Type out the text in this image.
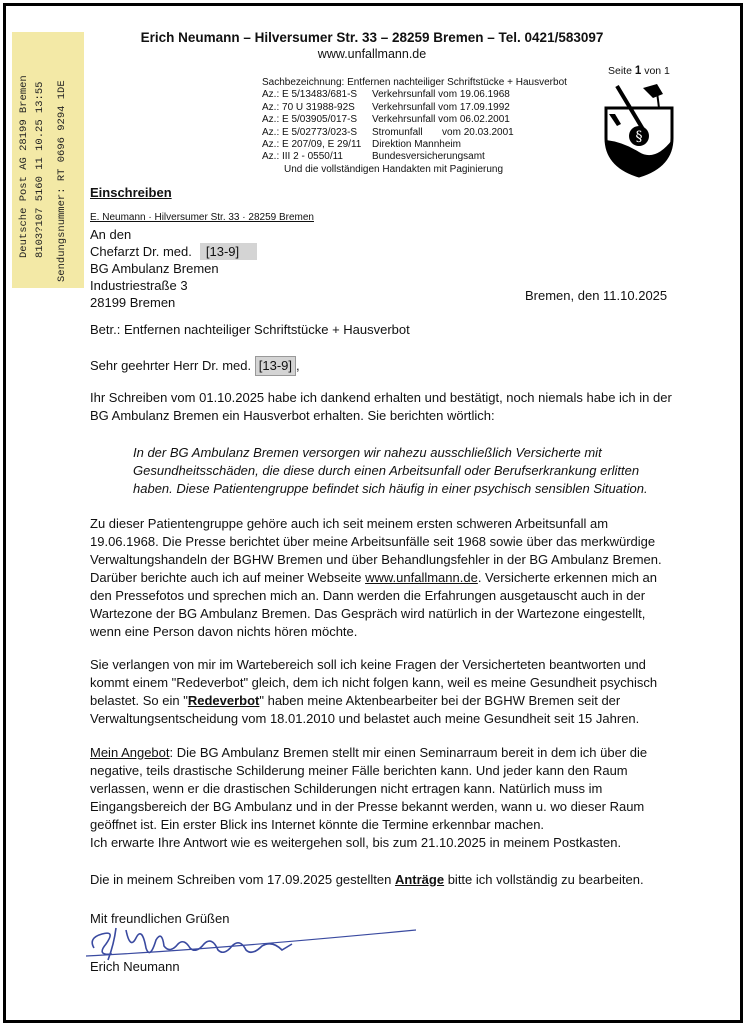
Deutsche Post AG 28199 Bremen 8103?107 5160 11 10.25 13:55 Sendungsnummer: RT 0696 9294 1DE
Erich Neumann – Hilversumer Str. 33 – 28259 Bremen – Tel. 0421/583097
www.unfallmann.de
Seite 1 von 1
§
Sachbezeichnung: Entfernen nachteiliger Schriftstücke + Hausverbot
Az.: E 5/13483/681-S Verkehrsunfall vom 19.06.1968
Az.: 70 U 31988-92S Verkehrsunfall vom 17.09.1992
Az.: E 5/03905/017-S Verkehrsunfall vom 06.02.2001
Az.: E 5/02773/023-S Stromunfall       vom 20.03.2001
Az.: E 207/09, E 29/11 Direktion Mannheim
Az.: III 2 - 0550/11	Bundesversicherungsamt
Und die vollständigen Handakten mit Paginierung
Einschreiben
E. Neumann · Hilversumer Str. 33 · 28259 Bremen
An den
Chefarzt Dr. med. [13-9]
BG Ambulanz Bremen
Industriestraße 3
28199 Bremen	Bremen, den 11.10.2025
Betr.: Entfernen nachteiliger Schriftstücke + Hausverbot
Sehr geehrter Herr Dr. med. [13-9] ,
Ihr Schreiben vom 01.10.2025 habe ich dankend erhalten und bestätigt, noch niemals habe ich in der BG Ambulanz Bremen ein Hausverbot erhalten. Sie berichten wörtlich:
In der BG Ambulanz Bremen versorgen wir nahezu ausschließlich Versicherte mit Gesundheitsschäden, die diese durch einen Arbeitsunfall oder Berufserkrankung erlitten haben. Diese Patientengruppe befindet sich häufig in einer psychisch sensiblen Situation.
Zu dieser Patientengruppe gehöre auch ich seit meinem ersten schweren Arbeitsunfall am 19.06.1968. Die Presse berichtet über meine Arbeitsunfälle seit 1968 sowie über das merkwürdige Verwaltungshandeln der BGHW Bremen und über Behandlungsfehler in der BG Ambulanz Bremen. Darüber berichte auch ich auf meiner Webseite www.unfallmann.de. Versicherte erkennen mich an den Pressefotos und sprechen mich an. Dann werden die Erfahrungen ausgetauscht auch in der Wartezone der BG Ambulanz Bremen. Das Gespräch wird natürlich in der Wartezone eingestellt, wenn eine Person davon nichts hören möchte.
Sie verlangen von mir im Wartebereich soll ich keine Fragen der Versicherteten beantworten und kommt einem "Redeverbot" gleich, dem ich nicht folgen kann, weil es meine Gesundheit psychisch belastet. So ein "Redeverbot" haben meine Aktenbearbeiter bei der BGHW Bremen seit der Verwaltungsentscheidung vom 18.01.2010 und belastet auch meine Gesundheit seit 15 Jahren.
Mein Angebot: Die BG Ambulanz Bremen stellt mir einen Seminarraum bereit in dem ich über die negative, teils drastische Schilderung meiner Fälle berichten kann. Und jeder kann den Raum verlassen, wenn er die drastischen Schilderungen nicht ertragen kann. Natürlich muss im Eingangsbereich der BG Ambulanz und in der Presse bekannt werden, wann u. wo dieser Raum geöffnet ist. Ein erster Blick ins Internet könnte die Termine erkennbar machen.
Ich erwarte Ihre Antwort wie es weitergehen soll, bis zum 21.10.2025 in meinem Postkasten.
Die in meinem Schreiben vom 17.09.2025 gestellten Anträge bitte ich vollständig zu bearbeiten.
Mit freundlichen Grüßen
Erich Neumann
